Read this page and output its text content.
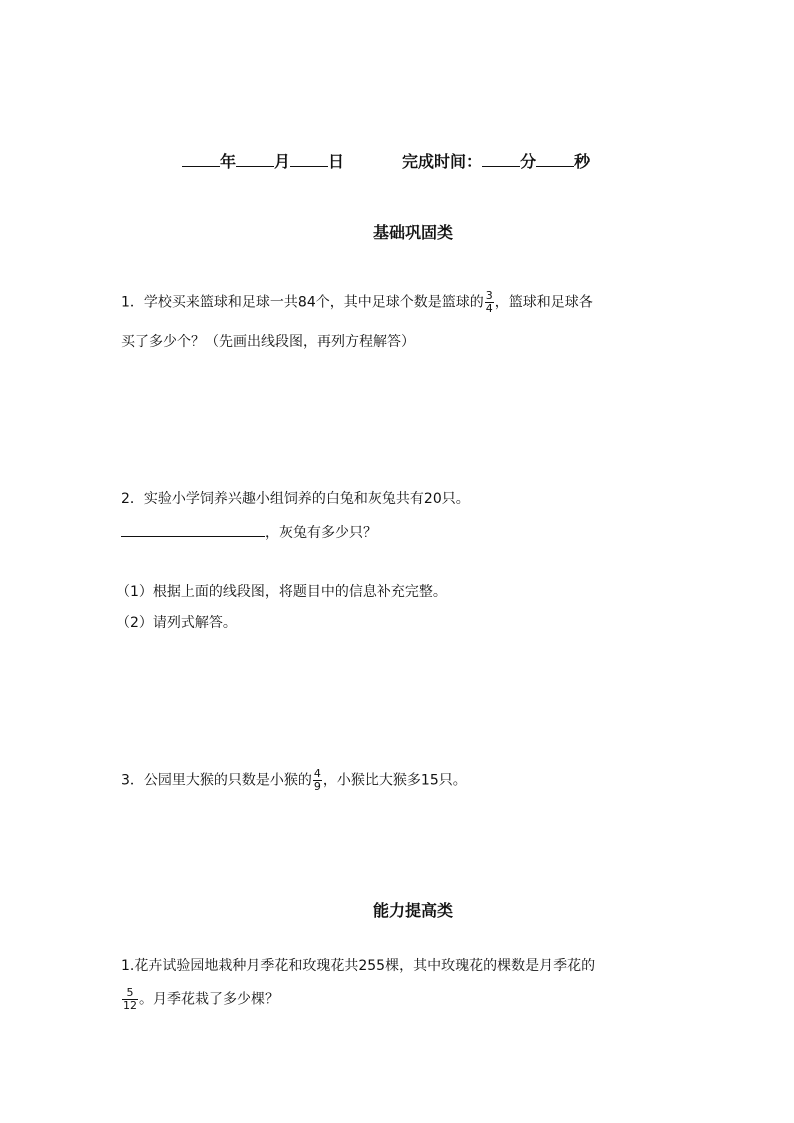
年 月 日	完成时间： 分 秒
基础巩固类
1．学校买来篮球和足球一共84个，其中足球个数是篮球的 $\frac{3}{4}$ ，篮球和足球各
买了多少个？（先画出线段图，再列方程解答）
2．实验小学饲养兴趣小组饲养的白兔和灰兔共有20只。
，灰兔有多少只？
（1）根据上面的线段图，将题目中的信息补充完整。
（2）请列式解答。
3．公园里大猴的只数是小猴的 $\frac{4}{9}$ ，小猴比大猴多15只。
能力提高类
1.花卉试验园地栽种月季花和玫瑰花共255棵，其中玫瑰花的棵数是月季花的
$\frac{5}{12}$ 。月季花栽了多少棵？
